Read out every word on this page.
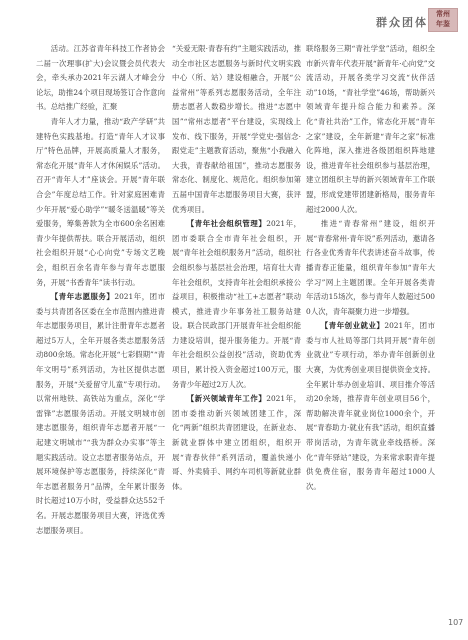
群众团体
常州
年鉴

活动。江苏省青年科技工作者协会二届一次理事(扩大)会议暨会员代表大会，牵头承办2021年云湖人才峰会分论坛，助推24个项目现场签订合作意向书。总结推广经验，汇聚

青年人才力量，推动“政产学研”共建特色实践基地。打造“青年人才议事厅”特色品牌，开展高质量人才服务，常态化开展“青年人才休闲娱乐”活动。召开“青年人才”座谈会。开展“青年联合会”年度总结工作。针对家庭困难青少年开展“爱心助学”“暖冬送温暖”等关爱服务，筹集善款为全市600余名困难青少年提供帮扶。联合开展活动，组织社会组织开展“心心向党”专场文艺晚会，组织百余名青年参与青年志愿服务，开展“书香青年”读书行动。

【青年志愿服务】2021年，团市委与共青团各区委在全市范围内推进青年志愿服务项目，累计注册青年志愿者超过5万人，全年开展各类志愿服务活动800余场。常态化开展“七彩假期”“青年文明号”系列活动，为社区提供志愿服务，开展“关爱留守儿童”专项行动。以常州地铁、高铁站为重点，深化“学雷锋”志愿服务活动。开展文明城市创建志愿服务，组织青年志愿者开展“一起建文明城市”“我为群众办实事”等主题实践活动。设立志愿者服务站点，开展环境保护等志愿服务，持续深化“青年志愿者服务月”品牌，全年累计服务时长超过10万小时，受益群众达552千名。开展志愿服务项目大赛，评选优秀志愿服务项目。

“关爱无限·青春有约”主题实践活动，推动全市社区志愿服务与新时代文明实践中心（所、站）建设相融合，开展“公益常州”等系列志愿服务活动，全年注册志愿者人数稳步增长。推进“志愿中国”“常州志愿者”平台建设，实现线上发布、线下服务，开展“学党史·强信念·跟党走”主题教育活动，聚焦“小我融入大我，青春献给祖国”，推动志愿服务常态化、制度化、规范化。组织参加第五届中国青年志愿服务项目大赛，获评优秀项目。

【青年社会组织管理】2021年，团市委联合全市青年社会组织，开展“青年社会组织服务月”活动，组织社会组织参与基层社会治理，培育壮大青年社会组织，支持青年社会组织承接公益项目，积极推动“社工+志愿者”联动模式，推进青少年事务社工服务站建设。联合民政部门开展青年社会组织能力建设培训，提升服务能力。开展“青年社会组织公益创投”活动，资助优秀项目，累计投入资金超过100万元，服务青少年超过2万人次。

【新兴领域青年工作】2021年，团市委推动新兴领域团建工作，深化“两新”组织共青团建设，在新业态、新就业群体中建立团组织，组织开展“青春伙伴”系列活动，覆盖快递小哥、外卖骑手、网约车司机等新就业群体。

联络服务三期“青社学堂”活动，组织全市新兴青年代表开展“新青年·心向党”交流活动，开展各类学习交流“伙伴活动”10场，“青社学堂”46场，帮助新兴领域青年提升综合能力和素养。深化“青社共治”工作，常态化开展“青年之家”建设，全年新建“青年之家”标准化阵地，深入推进各级团组织阵地建设，推进青年社会组织参与基层治理，建立团组织主导的新兴领域青年工作联盟，形成党建带团建新格局，服务青年超过2000人次。

推进“青春常州”建设，组织开展“青春常州·青年说”系列活动，邀请各行各业优秀青年代表讲述奋斗故事，传播青春正能量，组织青年参加“青年大学习”网上主题团课。全年开展各类青年活动15场次，参与青年人数超过5000人次，青年凝聚力进一步增强。

【青年创业就业】2021年，团市委与市人社局等部门共同开展“青年创业就业”专项行动，举办青年创新创业大赛，为优秀创业项目提供资金支持。全年累计举办创业培训、项目推介等活动20余场，推荐青年创业项目56个，帮助解决青年就业岗位1000余个，开展“青春助力·就业有我”活动，组织直播带岗活动，为青年就业牵线搭桥。深化“青年驿站”建设，为来常求职青年提供免费住宿，服务青年超过1000人次。

107
